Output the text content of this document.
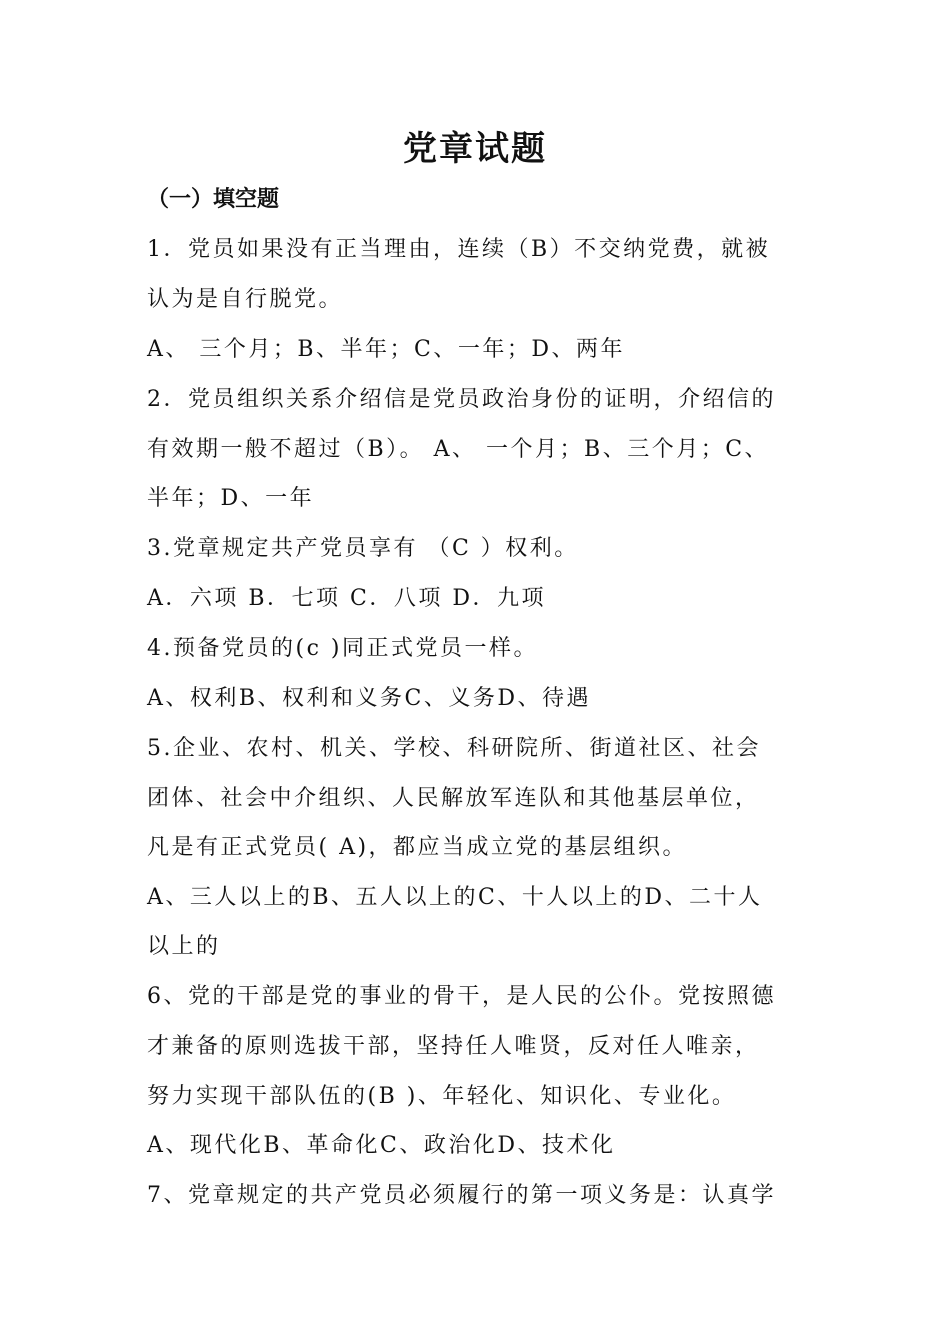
党章试题
（一）填空题
1．党员如果没有正当理由，连续（B）不交纳党费，就被
认为是自行脱党。
A、 三个月；B、半年；C、一年；D、两年
2．党员组织关系介绍信是党员政治身份的证明，介绍信的
有效期一般不超过（B）。 A、 一个月；B、三个月；C、
半年；D、一年
3.党章规定共产党员享有 （C ）权利。
A．六项 B．七项 C．八项 D．九项
4.预备党员的(c )同正式党员一样。
A、权利B、权利和义务C、义务D、待遇
5.企业、农村、机关、学校、科研院所、街道社区、社会
团体、社会中介组织、人民解放军连队和其他基层单位，
凡是有正式党员( A)，都应当成立党的基层组织。
A、三人以上的B、五人以上的C、十人以上的D、二十人
以上的
6、党的干部是党的事业的骨干，是人民的公仆。党按照德
才兼备的原则选拔干部，坚持任人唯贤，反对任人唯亲，
努力实现干部队伍的(B )、年轻化、知识化、专业化。
A、现代化B、革命化C、政治化D、技术化
7、党章规定的共产党员必须履行的第一项义务是：认真学
